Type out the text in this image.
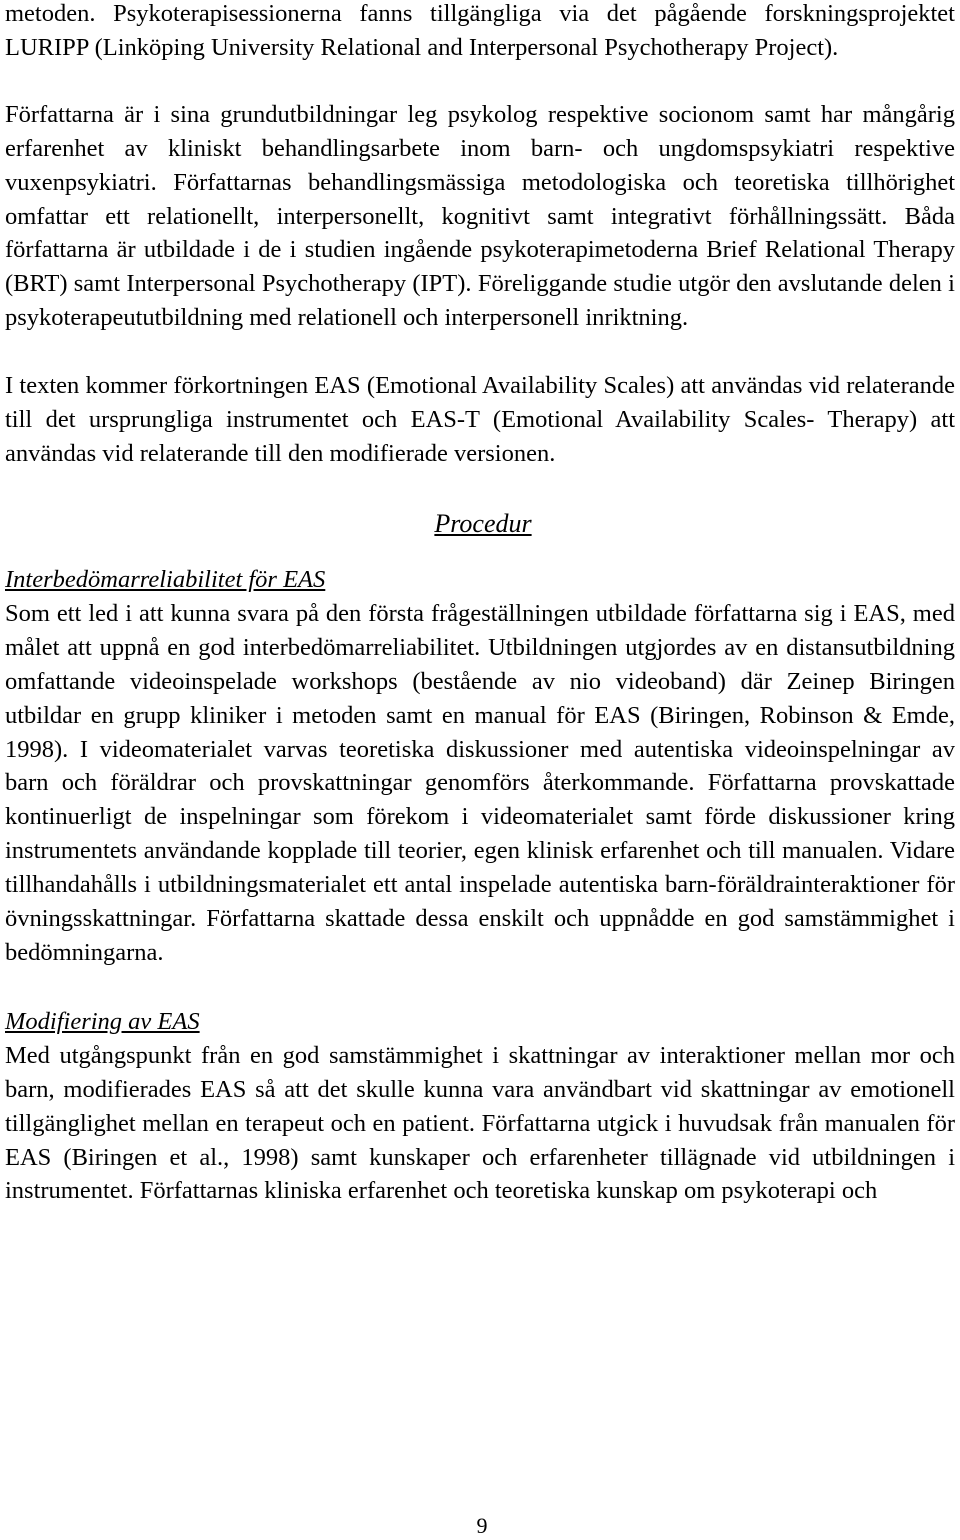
metoden. Psykoterapisessionerna fanns tillgängliga via det pågående forskningsprojektet LURIPP (Linköping University Relational and Interpersonal Psychotherapy Project).

Författarna är i sina grundutbildningar leg psykolog respektive socionom samt har mångårig erfarenhet av kliniskt behandlingsarbete inom barn- och ungdomspsykiatri respektive vuxenpsykiatri. Författarnas behandlingsmässiga metodologiska och teoretiska tillhörighet omfattar ett relationellt, interpersonellt, kognitivt samt integrativt förhållningssätt. Båda författarna är utbildade i de i studien ingående psykoterapimetoderna Brief Relational Therapy (BRT) samt Interpersonal Psychotherapy (IPT). Föreliggande studie utgör den avslutande delen i psykoterapeututbildning med relationell och interpersonell inriktning.

I texten kommer förkortningen EAS (Emotional Availability Scales) att användas vid relaterande till det ursprungliga instrumentet och EAS-T (Emotional Availability Scales- Therapy) att användas vid relaterande till den modifierade versionen.

Procedur
Interbedömarreliabilitet för EAS

Som ett led i att kunna svara på den första frågeställningen utbildade författarna sig i EAS, med målet att uppnå en god interbedömarreliabilitet. Utbildningen utgjordes av en distansutbildning omfattande videoinspelade workshops (bestående av nio videoband) där Zeinep Biringen utbildar en grupp kliniker i metoden samt en manual för EAS (Biringen, Robinson & Emde, 1998). I videomaterialet varvas teoretiska diskussioner med autentiska videoinspelningar av barn och föräldrar och provskattningar genomförs återkommande. Författarna provskattade kontinuerligt de inspelningar som förekom i videomaterialet samt förde diskussioner kring instrumentets användande kopplade till teorier, egen klinisk erfarenhet och till manualen. Vidare tillhandahålls i utbildningsmaterialet ett antal inspelade autentiska barn-föräldrainteraktioner för övningsskattningar. Författarna skattade dessa enskilt och uppnådde en god samstämmighet i bedömningarna.

Modifiering av EAS

Med utgångspunkt från en god samstämmighet i skattningar av interaktioner mellan mor och barn, modifierades EAS så att det skulle kunna vara användbart vid skattningar av emotionell tillgänglighet mellan en terapeut och en patient. Författarna utgick i huvudsak från manualen för EAS (Biringen et al., 1998) samt kunskaper och erfarenheter tillägnade vid utbildningen i instrumentet. Författarnas kliniska erfarenhet och teoretiska kunskap om psykoterapi och

9
